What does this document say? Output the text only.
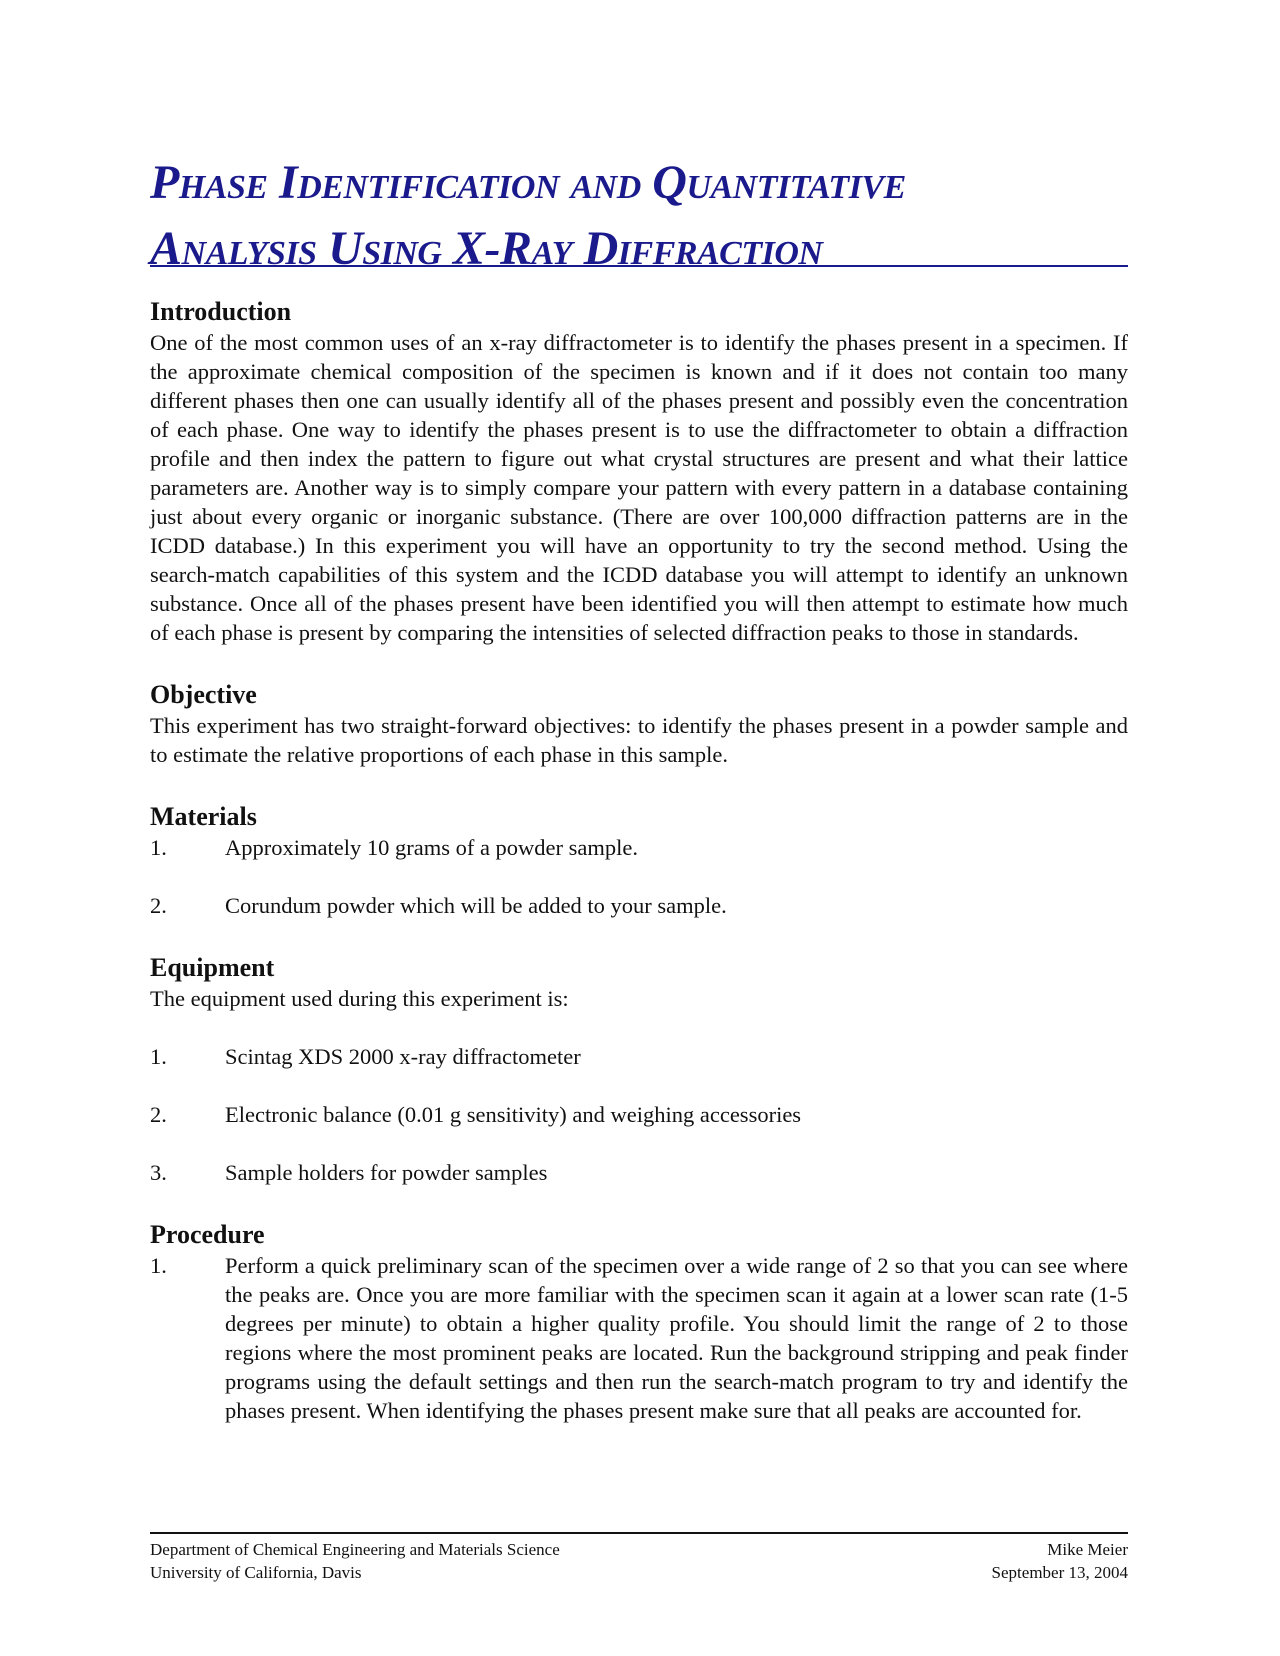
Phase Identification and Quantitative
Analysis Using X-Ray Diffraction
Introduction

One of the most common uses of an x-ray diffractometer is to identify the phases present in a specimen. If the approximate chemical composition of the specimen is known and if it does not contain too many different phases then one can usually identify all of the phases present and possibly even the concentration of each phase. One way to identify the phases present is to use the diffractometer to obtain a diffraction profile and then index the pattern to figure out what crystal structures are present and what their lattice parameters are. Another way is to simply compare your pattern with every pattern in a database containing just about every organic or inorganic substance. (There are over 100,000 diffraction patterns are in the ICDD database.) In this experiment you will have an opportunity to try the second method. Using the search-match capabilities of this system and the ICDD database you will attempt to identify an unknown substance. Once all of the phases present have been identified you will then attempt to estimate how much of each phase is present by comparing the intensities of selected diffraction peaks to those in standards.

Objective

This experiment has two straight-forward objectives: to identify the phases present in a powder sample and to estimate the relative proportions of each phase in this sample.

Materials
1.	Approximately 10 grams of a powder sample.
2.	Corundum powder which will be added to your sample.
Equipment

The equipment used during this experiment is:

1.	Scintag XDS 2000 x-ray diffractometer
2.	Electronic balance (0.01 g sensitivity) and weighing accessories
3.	Sample holders for powder samples
Procedure
1.	Perform a quick preliminary scan of the specimen over a wide range of 2 so that you can see where the peaks are. Once you are more familiar with the specimen scan it again at a lower scan rate (1-5 degrees per minute) to obtain a higher quality profile. You should limit the range of 2 to those regions where the most prominent peaks are located. Run the background stripping and peak finder programs using the default settings and then run the search-match program to try and identify the phases present. When identifying the phases present make sure that all peaks are accounted for.
Department of Chemical Engineering and Materials Science	Mike Meier
University of California, Davis	September 13, 2004
